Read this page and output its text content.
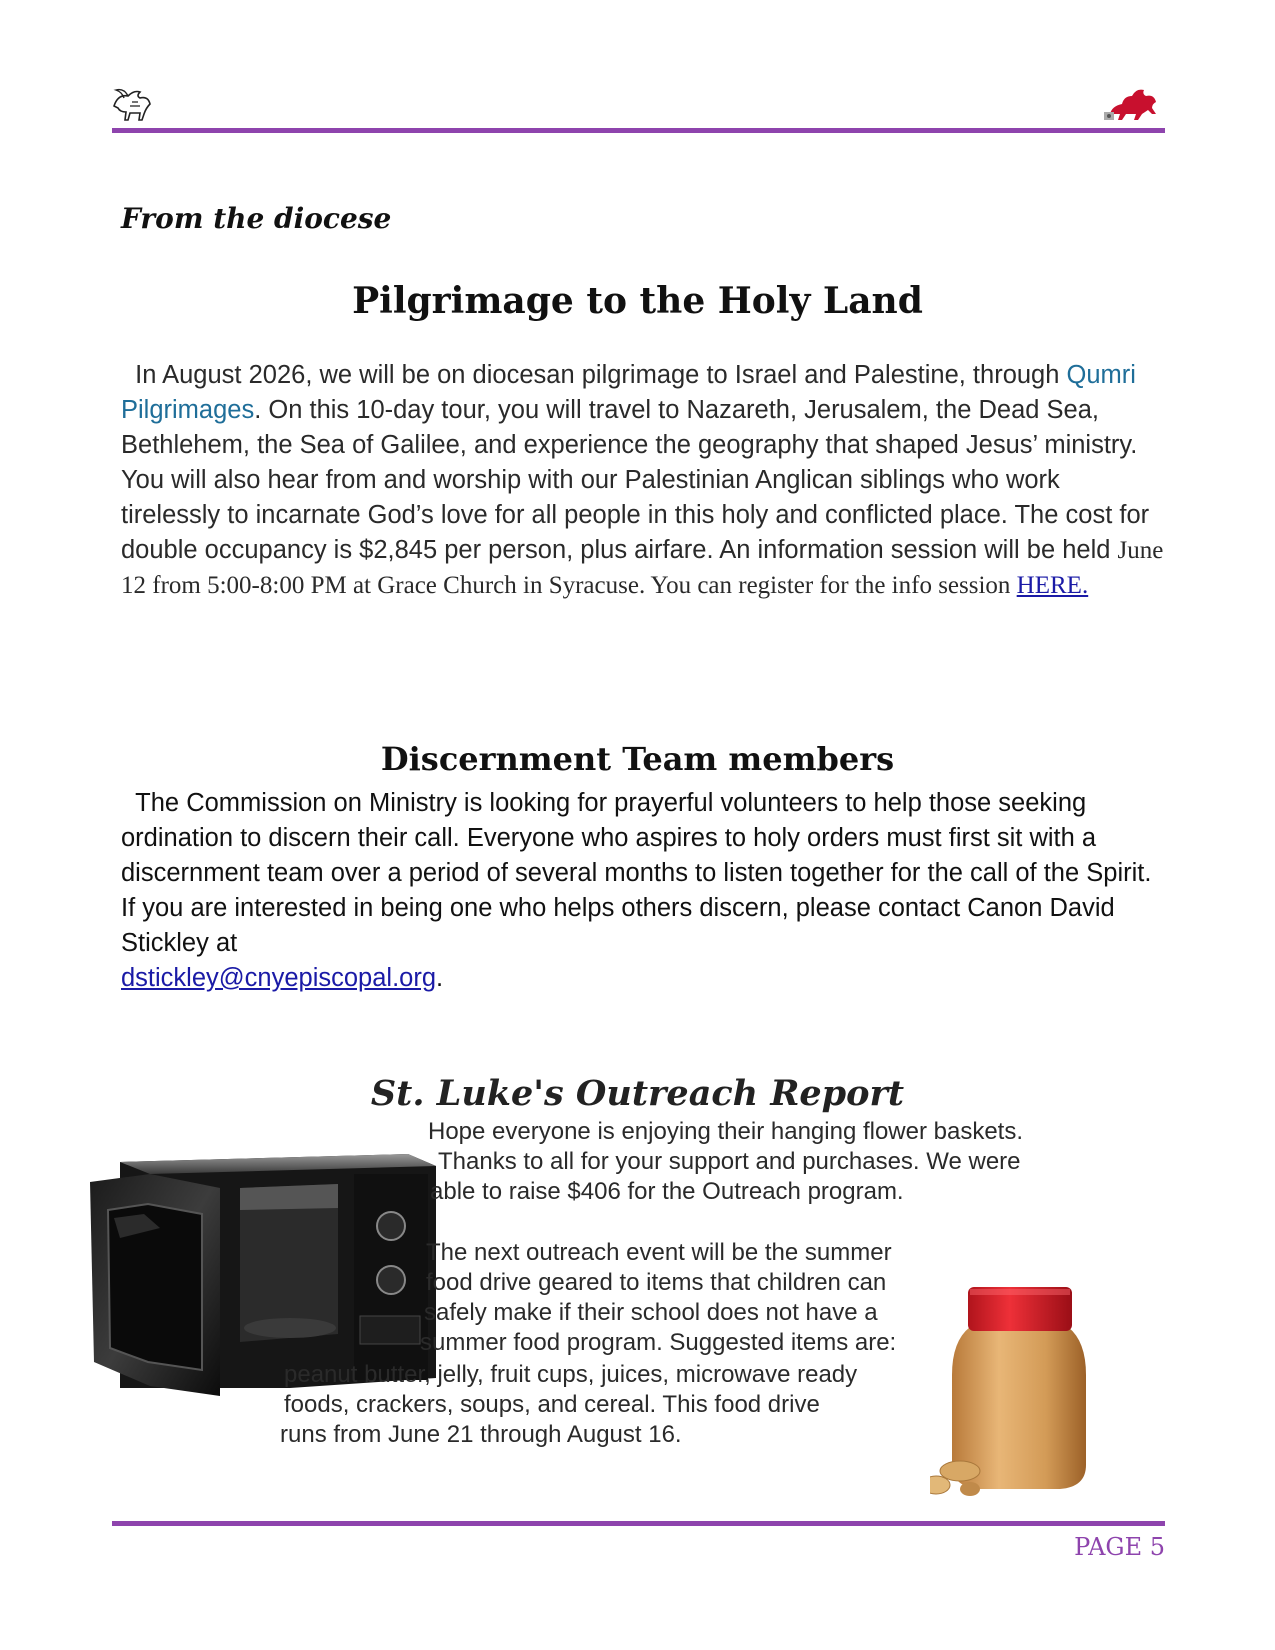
From the diocese
Pilgrimage to the Holy Land
In August 2026, we will be on diocesan pilgrimage to Israel and Palestine, through Qumri Pilgrimages. On this 10-day tour, you will travel to Nazareth, Jerusalem, the Dead Sea, Bethlehem, the Sea of Galilee, and experience the geography that shaped Jesus’ ministry. You will also hear from and worship with our Palestinian Anglican siblings who work tirelessly to incarnate God’s love for all people in this holy and conflicted place. The cost for double occupancy is $2,845 per person, plus airfare. An information session will be held June 12 from 5:00-8:00 PM at Grace Church in Syracuse. You can register for the info session HERE.
Discernment Team members
The Commission on Ministry is looking for prayerful volunteers to help those seeking ordination to discern their call. Everyone who aspires to holy orders must first sit with a discernment team over a period of several months to listen together for the call of the Spirit. If you are interested in being one who helps others discern, please contact Canon David Stickley at
dstickley@cnyepiscopal.org.
St. Luke's Outreach Report
Hope everyone is enjoying their hanging flower baskets.
Thanks to all for your support and purchases. We were
able to raise $406 for the Outreach program.
The next outreach event will be the summer
food drive geared to items that children can
safely make if their school does not have a
summer food program. Suggested items are:
peanut butter, jelly, fruit cups, juices, microwave ready
foods, crackers, soups, and cereal. This food drive
runs from June 21 through August 16.
PAGE 5
